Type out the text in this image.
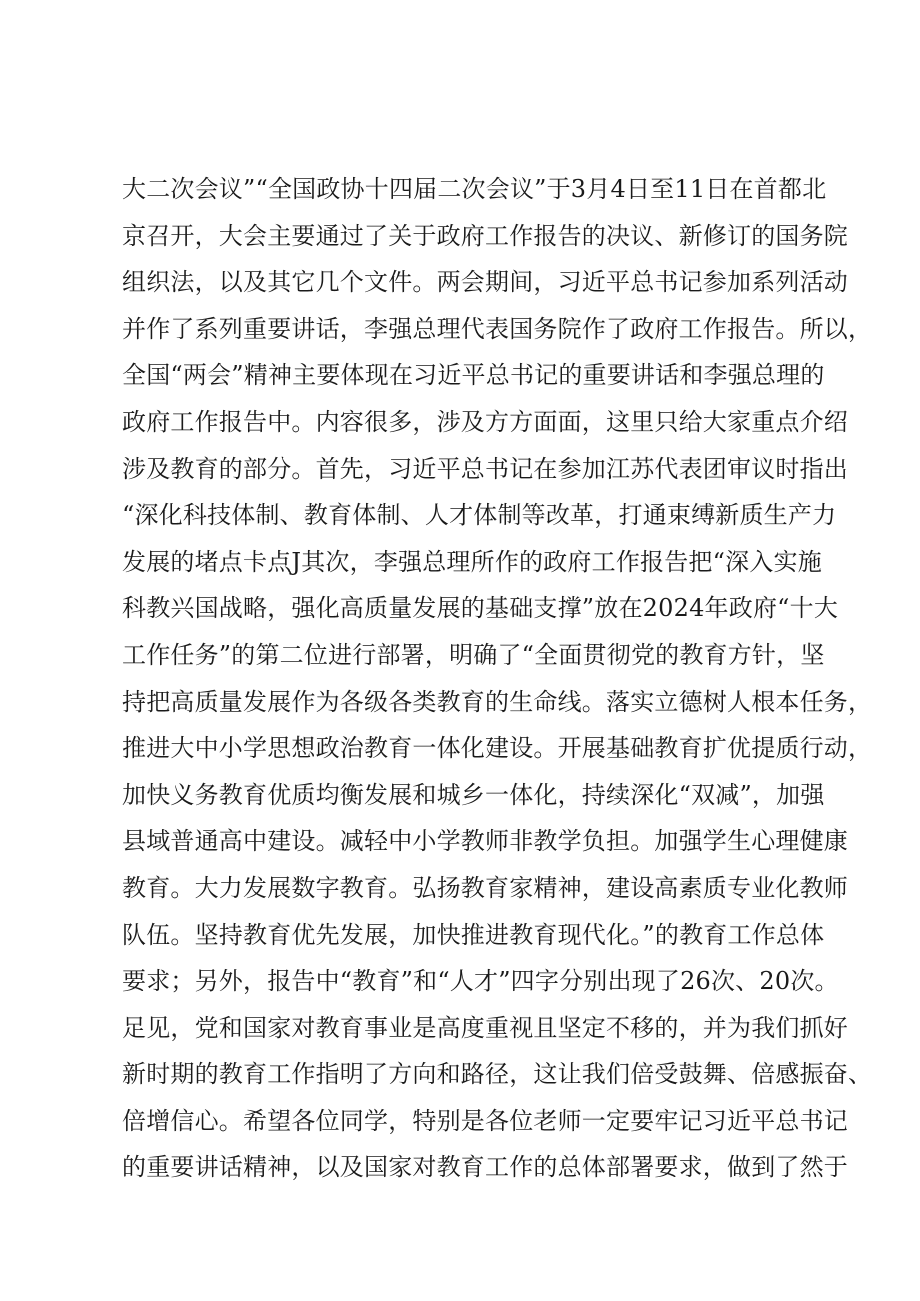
大二次会议”“全国政协十四届二次会议”于3月4日至11日在首都北
京召开，大会主要通过了关于政府工作报告的决议、新修订的国务院
组织法，以及其它几个文件。两会期间，习近平总书记参加系列活动
并作了系列重要讲话，李强总理代表国务院作了政府工作报告。所以，
全国“两会”精神主要体现在习近平总书记的重要讲话和李强总理的
政府工作报告中。内容很多，涉及方方面面，这里只给大家重点介绍
涉及教育的部分。首先，习近平总书记在参加江苏代表团审议时指出
“深化科技体制、教育体制、人才体制等改革，打通束缚新质生产力
发展的堵点卡点J其次，李强总理所作的政府工作报告把“深入实施
科教兴国战略，强化高质量发展的基础支撑”放在2024年政府“十大
工作任务”的第二位进行部署，明确了“全面贯彻党的教育方针，坚
持把高质量发展作为各级各类教育的生命线。落实立德树人根本任务，
推进大中小学思想政治教育一体化建设。开展基础教育扩优提质行动，
加快义务教育优质均衡发展和城乡一体化，持续深化“双减”，加强
县域普通高中建设。减轻中小学教师非教学负担。加强学生心理健康
教育。大力发展数字教育。弘扬教育家精神，建设高素质专业化教师
队伍。坚持教育优先发展，加快推进教育现代化。”的教育工作总体
要求；另外，报告中“教育”和“人才”四字分别出现了26次、20次。
足见，党和国家对教育事业是高度重视且坚定不移的，并为我们抓好
新时期的教育工作指明了方向和路径，这让我们倍受鼓舞、倍感振奋、
倍增信心。希望各位同学，特别是各位老师一定要牢记习近平总书记
的重要讲话精神，以及国家对教育工作的总体部署要求，做到了然于
